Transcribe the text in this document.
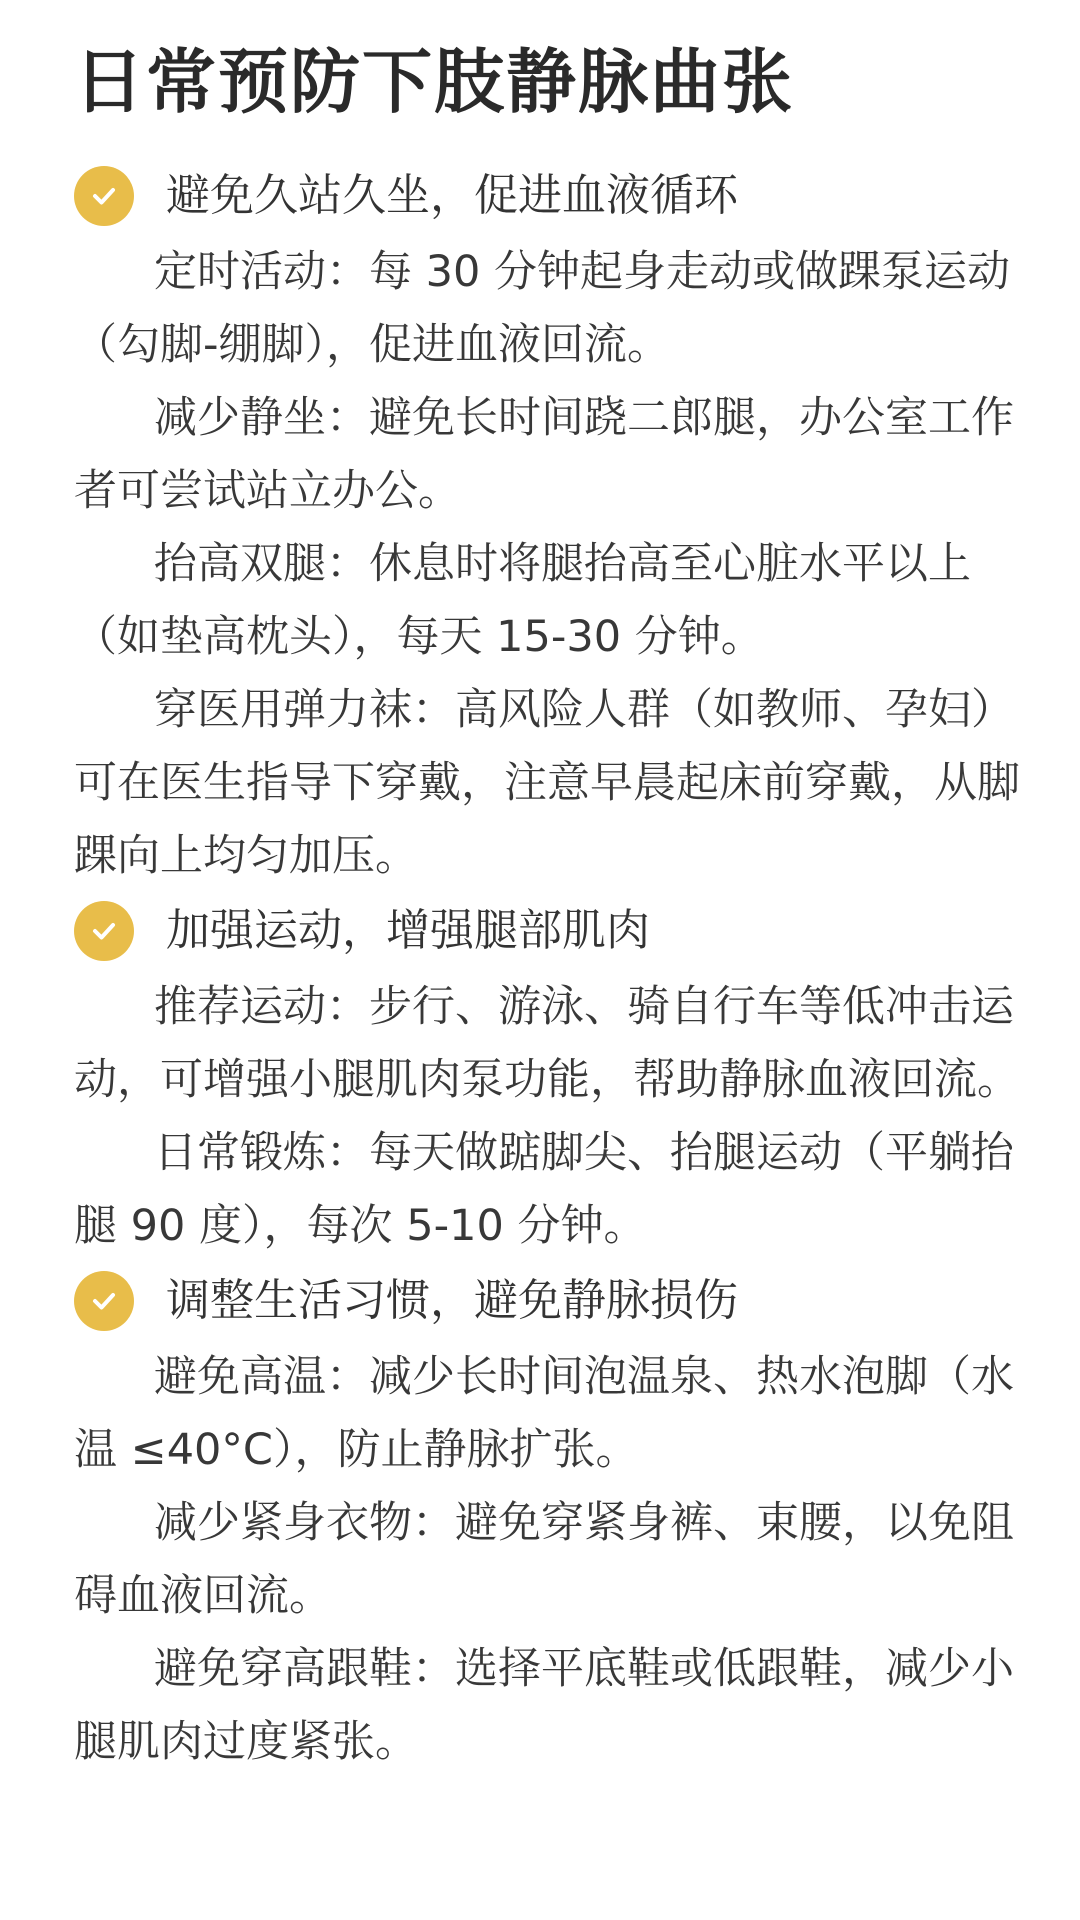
日常预防下肢静脉曲张
避免久站久坐，促进血液循环

定时活动：每 30 分钟起身走动或做踝泵运动（勾脚-绷脚），促进血液回流。

减少静坐：避免长时间跷二郎腿，办公室工作者可尝试站立办公。

抬高双腿：休息时将腿抬高至心脏水平以上（如垫高枕头），每天 15-30 分钟。

穿医用弹力袜：高风险人群（如教师、孕妇）可在医生指导下穿戴，注意早晨起床前穿戴，从脚踝向上均匀加压。

加强运动，增强腿部肌肉

推荐运动：步行、游泳、骑自行车等低冲击运动，可增强小腿肌肉泵功能，帮助静脉血液回流。

日常锻炼：每天做踮脚尖、抬腿运动（平躺抬腿 90 度），每次 5-10 分钟。

调整生活习惯，避免静脉损伤

避免高温：减少长时间泡温泉、热水泡脚（水温 ≤40°C），防止静脉扩张。

减少紧身衣物：避免穿紧身裤、束腰，以免阻碍血液回流。

避免穿高跟鞋：选择平底鞋或低跟鞋，减少小腿肌肉过度紧张。
